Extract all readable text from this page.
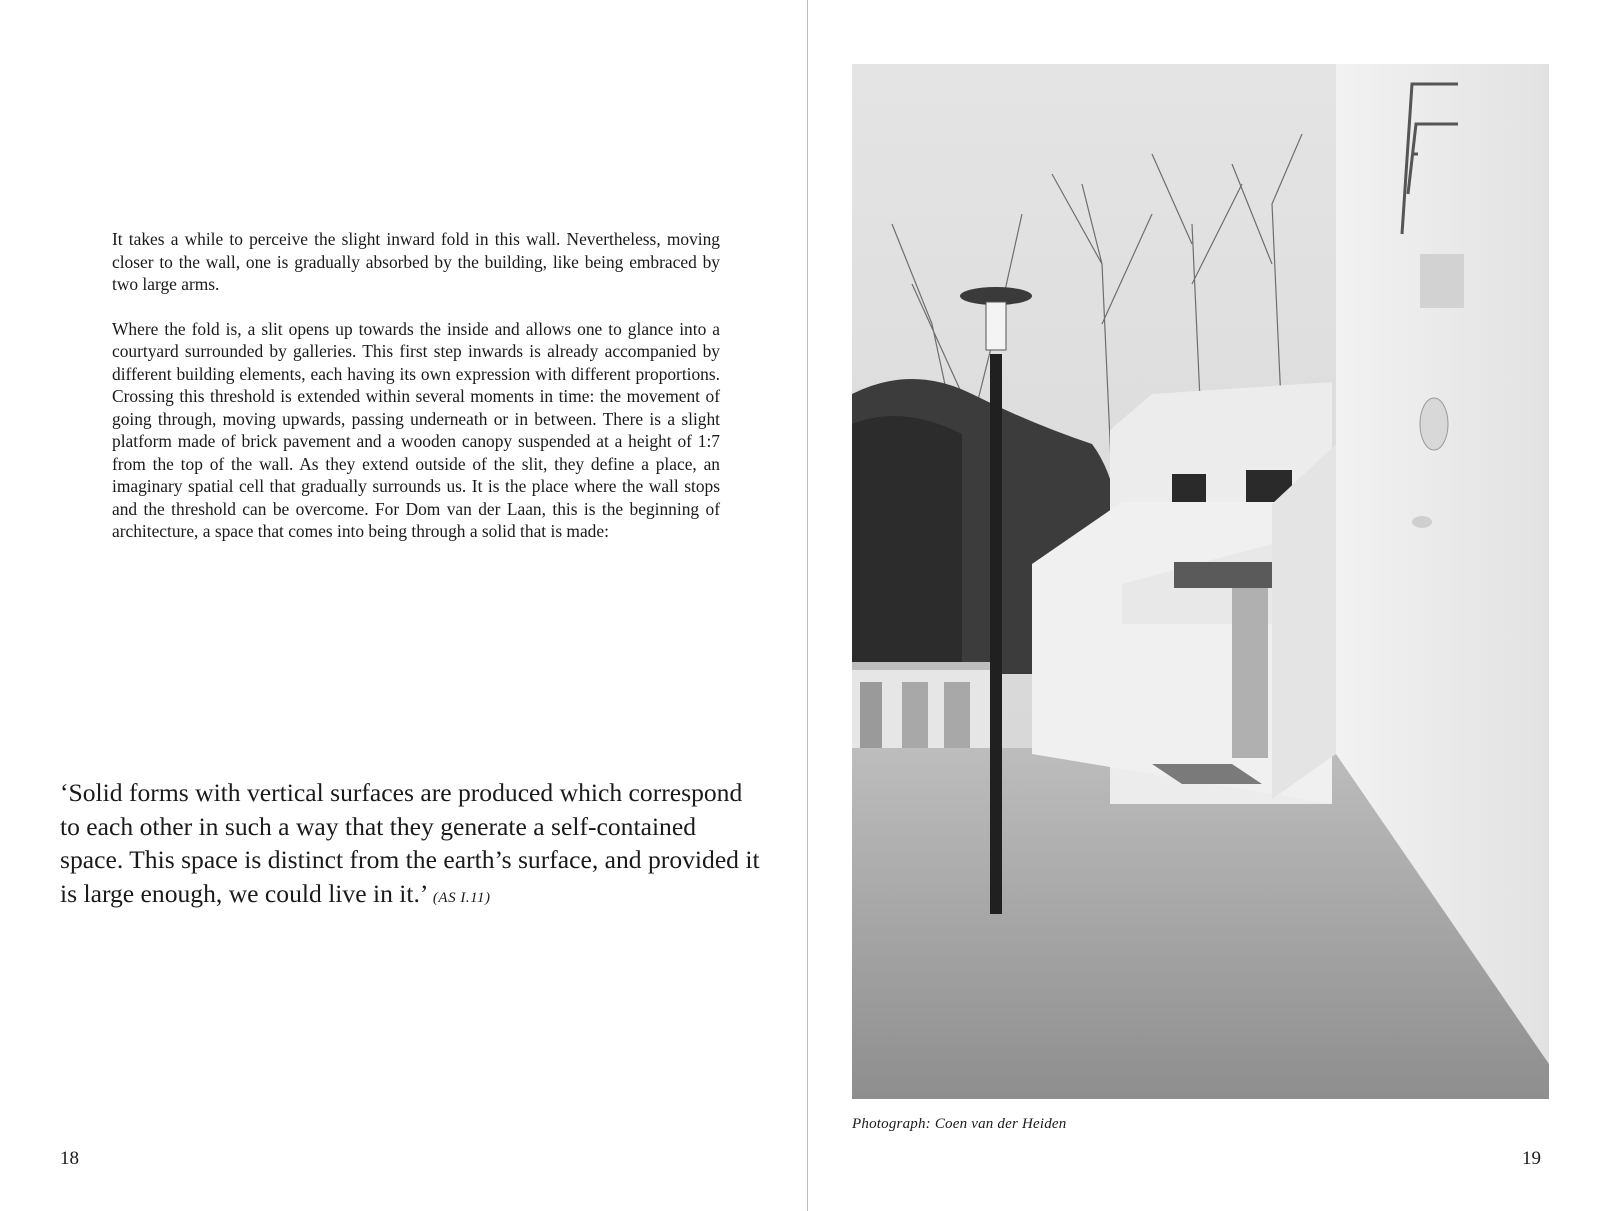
It takes a while to perceive the slight inward fold in this wall. Nevertheless, moving closer to the wall, one is gradually absorbed by the building, like being embraced by two large arms.

Where the fold is, a slit opens up towards the inside and allows one to glance into a courtyard surrounded by galleries. This first step inwards is already accompanied by different building elements, each having its own expression with different proportions. Crossing this threshold is extended within several moments in time: the movement of going through, moving upwards, passing underneath or in between. There is a slight platform made of brick pavement and a wooden canopy suspended at a height of 1:7 from the top of the wall. As they extend outside of the slit, they define a place, an imaginary spatial cell that gradually surrounds us. It is the place where the wall stops and the threshold can be overcome. For Dom van der Laan, this is the beginning of architecture, a space that comes into being through a solid that is made:

‘Solid forms with vertical surfaces are produced which correspond to each other in such a way that they generate a self-contained space. This space is distinct from the earth’s surface, and provided it is large enough, we could live in it.’ (AS I.11)
18
Photograph: Coen van der Heiden
19
